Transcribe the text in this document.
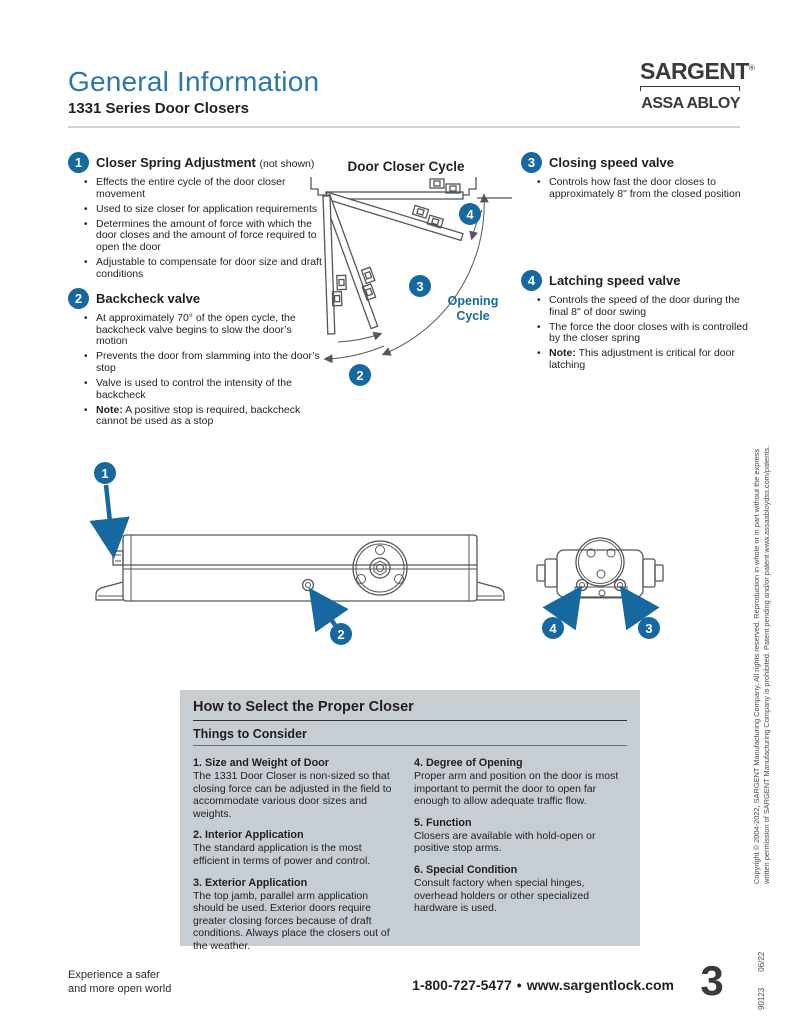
General Information
1331 Series Door Closers
SARGENT®
ASSA ABLOY
1	Closer Spring Adjustment (not shown)
• Effects the entire cycle of the door closer movement
• Used to size closer for application requirements
• Determines the amount of force with which the door closes and the amount of force required to open the door
• Adjustable to compensate for door size and draft conditions
2	Backcheck valve
• At approximately 70° of the open cycle, the backcheck valve begins to slow the door’s motion
• Prevents the door from slamming into the door’s stop
• Valve is used to control the intensity of the backcheck
• Note: A positive stop is required, backcheck cannot be used as a stop
3	Closing speed valve
• Controls how fast the door closes to approximately 8" from the closed position
4	Latching speed valve
• Controls the speed of the door during the final 8" of door swing
• The force the door closes with is controlled by the closer spring
• Note: This adjustment is critical for door latching
Door Closer Cycle
2
3
4
Opening
Cycle
1
2	4	3
How to Select the Proper Closer
Things to Consider
1. Size and Weight of Door

The 1331 Door Closer is non-sized so that closing force can be adjusted in the field to accommodate various door sizes and weights.

2. Interior Application

The standard application is the most efficient in terms of power and control.

3. Exterior Application

The top jamb, parallel arm application should be used. Exterior doors require greater closing forces because of draft conditions. Always place the closers out of the weather.

4. Degree of Opening

Proper arm and position on the door is most important to permit the door to open far enough to allow adequate traffic flow.

5. Function

Closers are available with hold-open or positive stop arms.

6. Special Condition

Consult factory when special hinges, overhead holders or other specialized hardware is used.

Experience a safer
and more open world	1-800-727-5477 • www.sargentlock.com 3
Copyright © 2004-2022, SARGENT Manufacturing Company. All rights reserved. Reproduction in whole or in part without the express written permission of SARGENT Manufacturing Company is prohibited. Patent pending and/or patent www.assaabloydss.com/patents.
9012306/22
